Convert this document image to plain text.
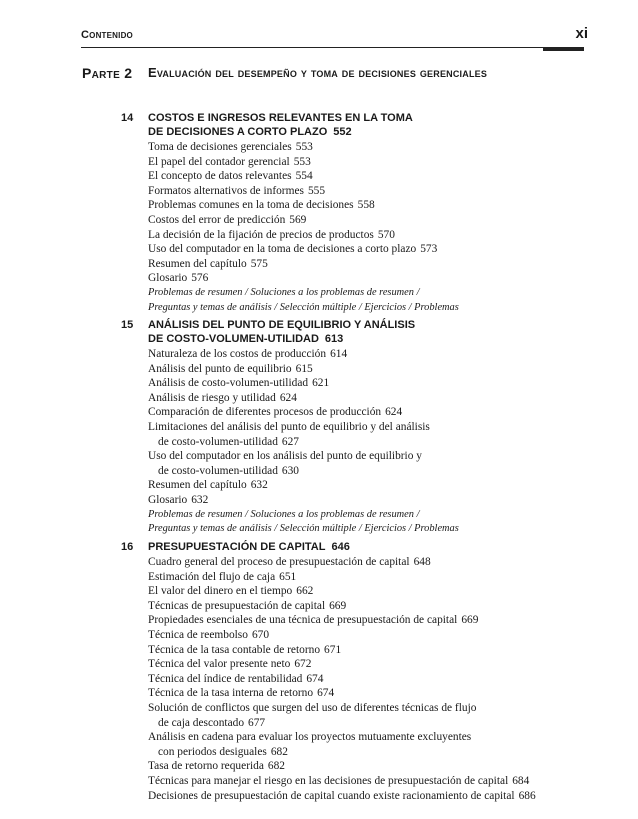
Contenido	xi
Parte 2 Evaluación del desempeño y toma de decisiones gerenciales
14 COSTOS E INGRESOS RELEVANTES EN LA TOMA
DE DECISIONES A CORTO PLAZO 552
Toma de decisiones gerenciales 553
El papel del contador gerencial 553
El concepto de datos relevantes 554
Formatos alternativos de informes 555
Problemas comunes en la toma de decisiones 558
Costos del error de predicción 569
La decisión de la fijación de precios de productos 570
Uso del computador en la toma de decisiones a corto plazo 573
Resumen del capítulo 575
Glosario 576
Problemas de resumen / Soluciones a los problemas de resumen /
Preguntas y temas de análisis / Selección múltiple / Ejercicios / Problemas
15 ANÁLISIS DEL PUNTO DE EQUILIBRIO Y ANÁLISIS
DE COSTO-VOLUMEN-UTILIDAD 613
Naturaleza de los costos de producción 614
Análisis del punto de equilibrio 615
Análisis de costo-volumen-utilidad 621
Análisis de riesgo y utilidad 624
Comparación de diferentes procesos de producción 624
Limitaciones del análisis del punto de equilibrio y del análisis
de costo-volumen-utilidad 627
Uso del computador en los análisis del punto de equilibrio y
de costo-volumen-utilidad 630
Resumen del capítulo 632
Glosario 632
Problemas de resumen / Soluciones a los problemas de resumen /
Preguntas y temas de análisis / Selección múltiple / Ejercicios / Problemas
16 PRESUPUESTACIÓN DE CAPITAL 646
Cuadro general del proceso de presupuestación de capital 648
Estimación del flujo de caja 651
El valor del dinero en el tiempo 662
Técnicas de presupuestación de capital 669
Propiedades esenciales de una técnica de presupuestación de capital 669
Técnica de reembolso 670
Técnica de la tasa contable de retorno 671
Técnica del valor presente neto 672
Técnica del índice de rentabilidad 674
Técnica de la tasa interna de retorno 674
Solución de conflictos que surgen del uso de diferentes técnicas de flujo
de caja descontado 677
Análisis en cadena para evaluar los proyectos mutuamente excluyentes
con periodos desiguales 682
Tasa de retorno requerida 682
Técnicas para manejar el riesgo en las decisiones de presupuestación de capital 684
Decisiones de presupuestación de capital cuando existe racionamiento de capital 686
